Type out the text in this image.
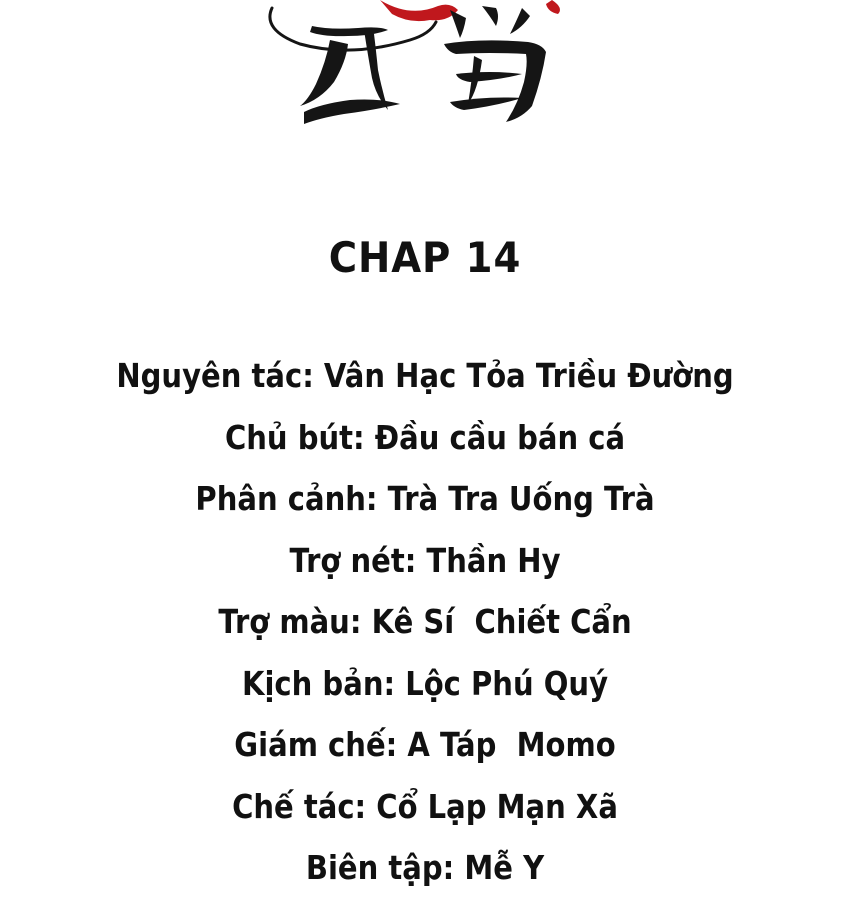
CHAP 14
Nguyên tác: Vân Hạc Tỏa Triều Đường
Chủ bút: Đầu cầu bán cá
Phân cảnh: Trà Tra Uống Trà
Trợ nét: Thần Hy
Trợ màu: Kê Sí  Chiết Cẩn
Kịch bản: Lộc Phú Quý
Giám chế: A Táp  Momo
Chế tác: Cổ Lạp Mạn Xã
Biên tập: Mễ Y
